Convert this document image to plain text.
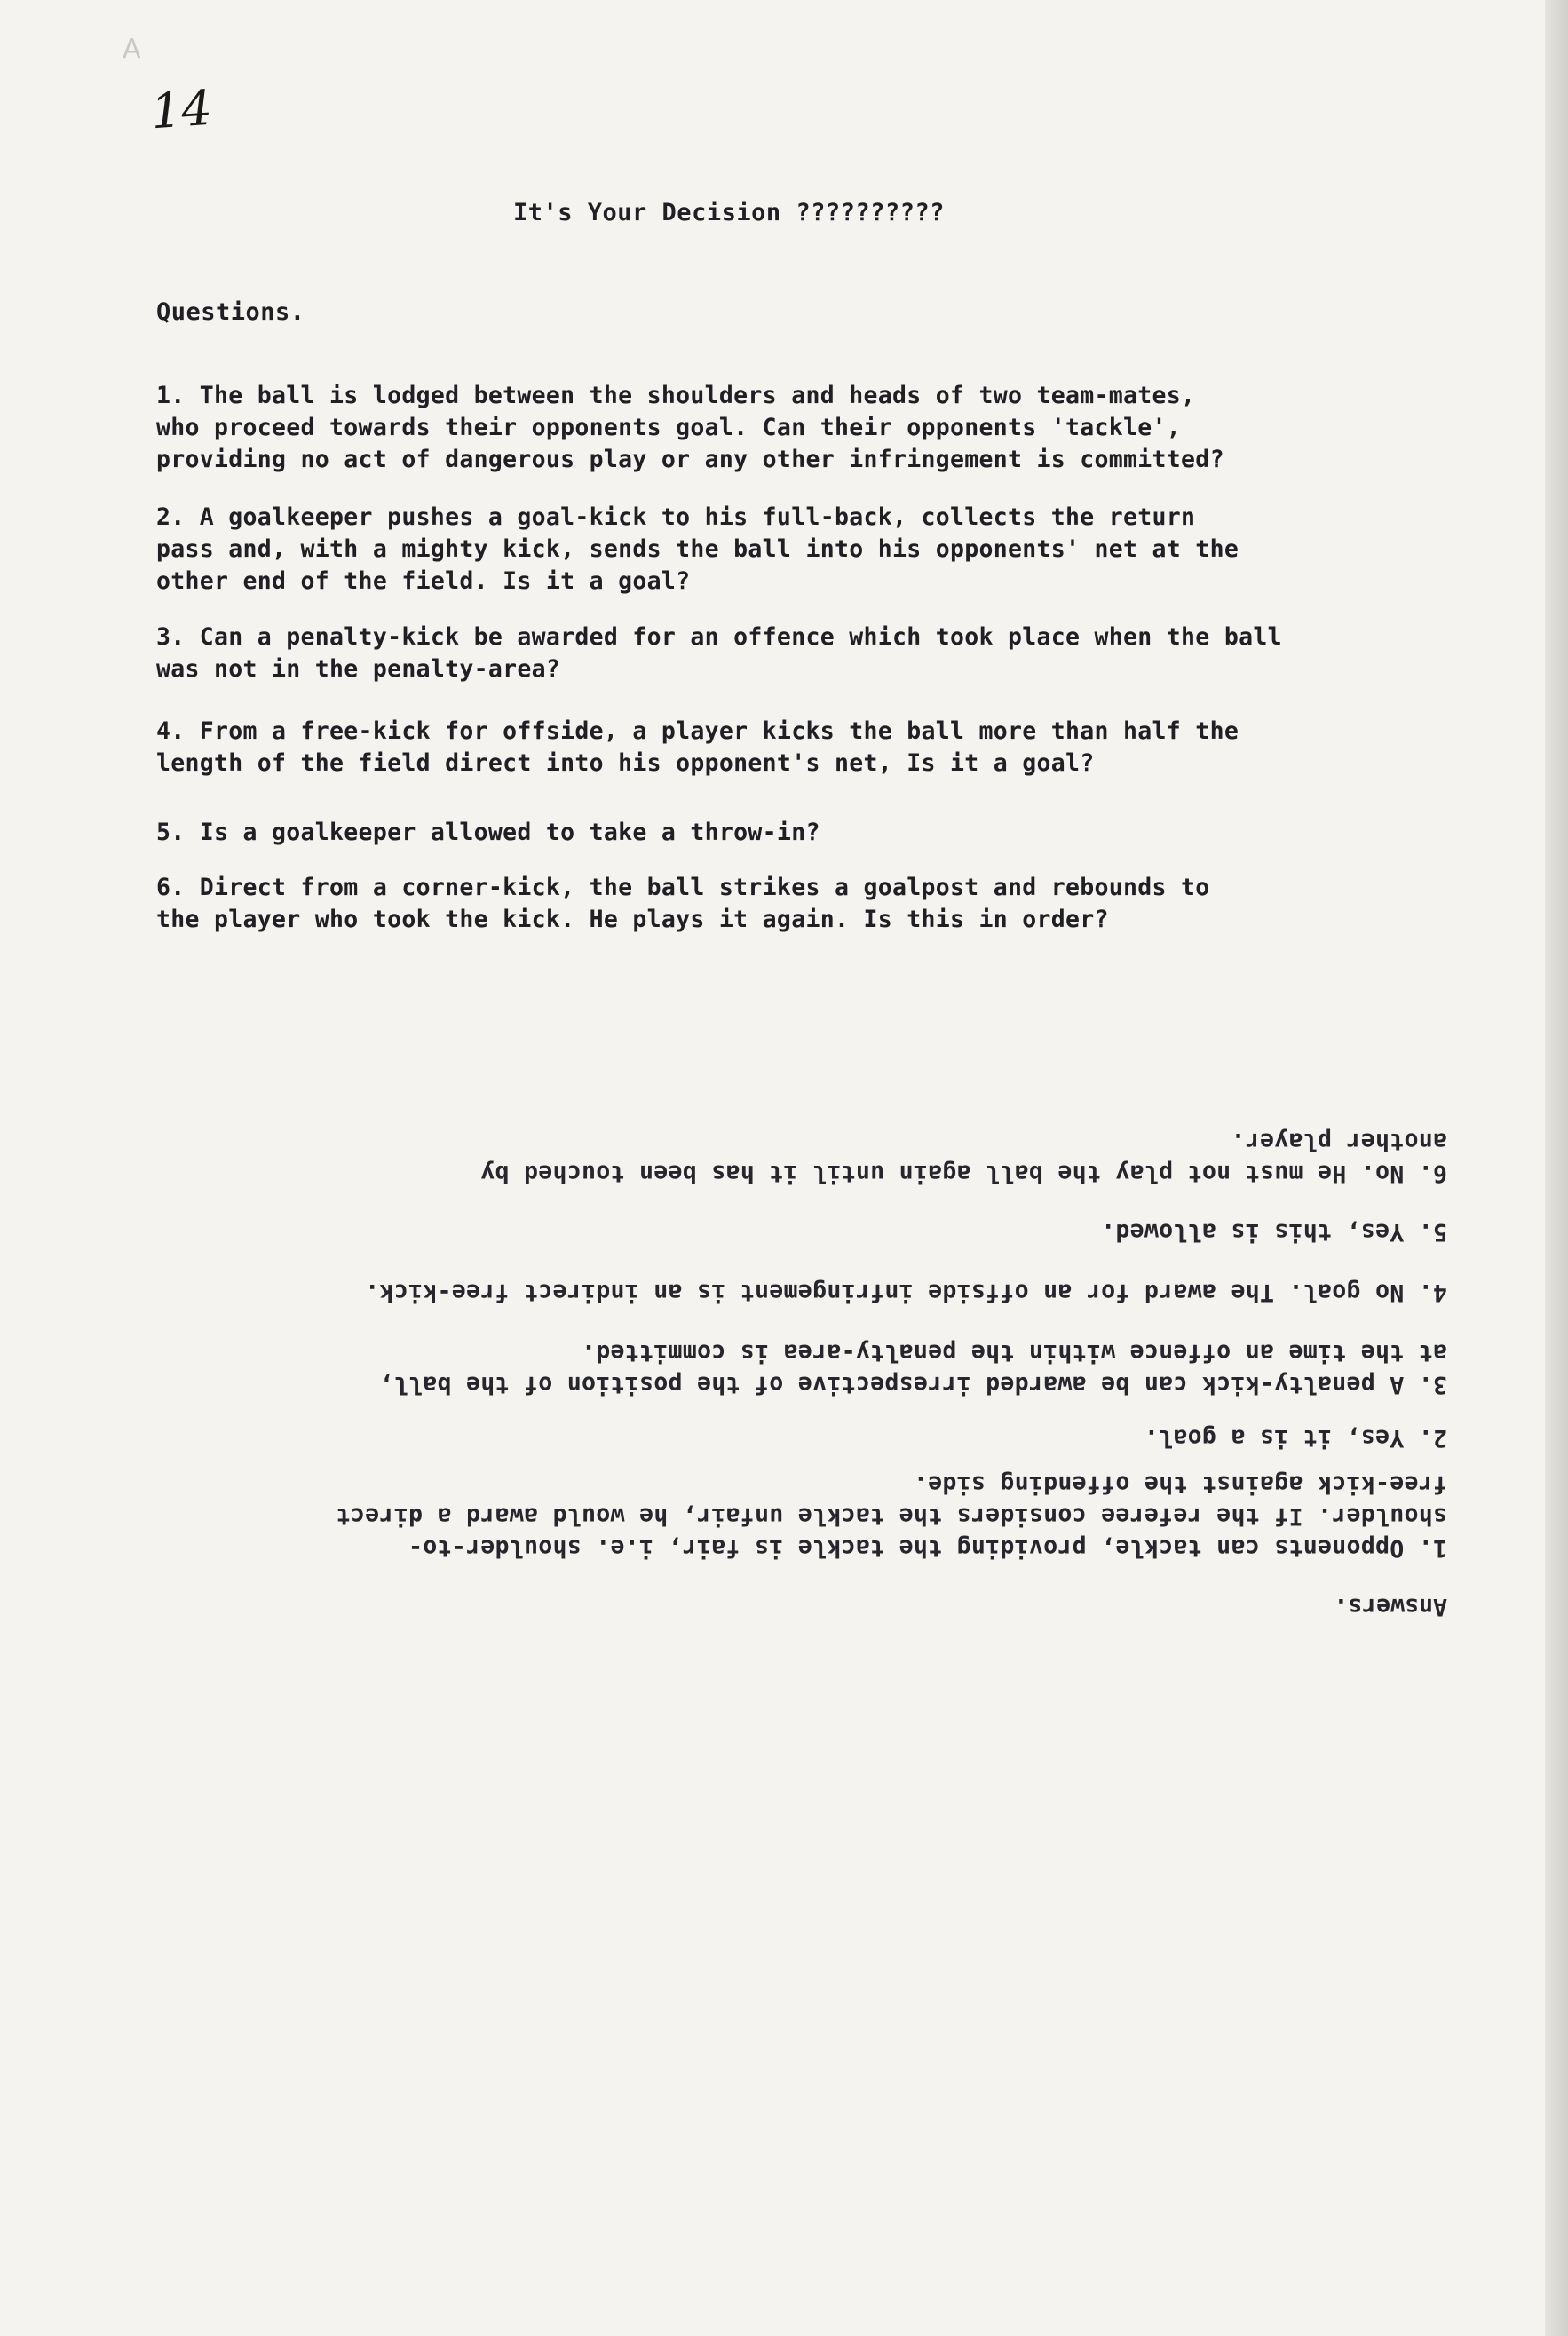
A
14
It's Your Decision ??????????
Questions.
1. The ball is lodged between the shoulders and heads of two team-mates,
who proceed towards their opponents goal. Can their opponents 'tackle',
providing no act of dangerous play or any other infringement is committed?
2. A goalkeeper pushes a goal-kick to his full-back, collects the return
pass and, with a mighty kick, sends the ball into his opponents' net at the
other end of the field. Is it a goal?
3. Can a penalty-kick be awarded for an offence which took place when the ball
was not in the penalty-area?
4. From a free-kick for offside, a player kicks the ball more than half the
length of the field direct into his opponent's net, Is it a goal?
5. Is a goalkeeper allowed to take a throw-in?
6. Direct from a corner-kick, the ball strikes a goalpost and rebounds to
the player who took the kick. He plays it again. Is this in order?
Answers.
1. Opponents can tackle, providing the tackle is fair, i.e. shoulder-to-
shoulder. If the referee considers the tackle unfair, he would award a direct
free-kick against the offending side.
2. Yes, it is a goal.
3. A penalty-kick can be awarded irrespective of the position of the ball,
at the time an offence within the penalty-area is committed.
4. No goal. The award for an offside infringement is an indirect free-kick.
5. Yes, this is allowed.
6. No. He must not play the ball again until it has been touched by
another player.
